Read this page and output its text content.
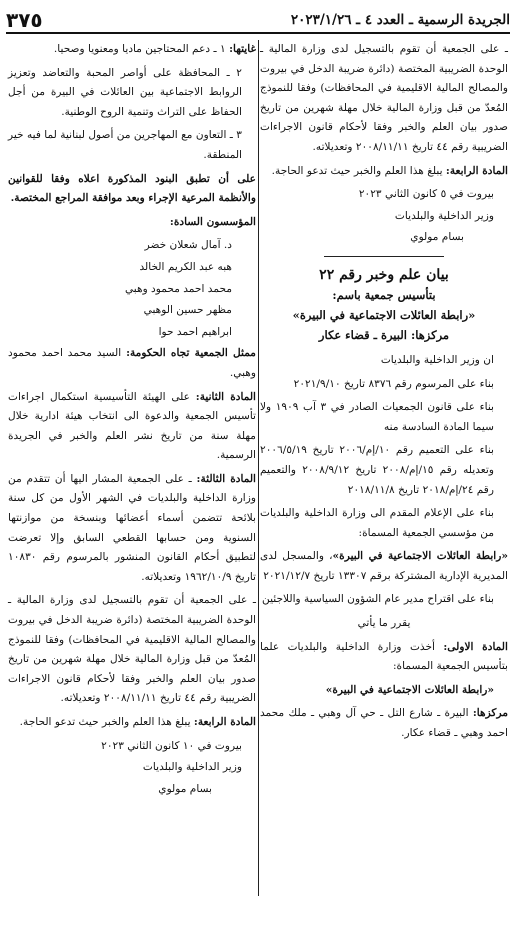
الجريدة الرسمية ـ العدد ٤ ـ ٢٠٢٣/١/٢٦
٣٧٥

ـ على الجمعية أن تقوم بالتسجيل لدى وزارة المالية ـ الوحدة الضريبية المختصة (دائرة ضريبة الدخل في بيروت والمصالح المالية الاقليمية في المحافظات) وفقا للنموذج المُعدّ من قبل وزارة المالية خلال مهلة شهرين من تاريخ صدور بيان العلم والخبر وفقا لأحكام قانون الاجراءات الضريبية رقم ٤٤ تاريخ ٢٠٠٨/١١/١١ وتعديلاته.

المادة الرابعة: يبلغ هذا العلم والخبر حيث تدعو الحاجة.

بيروت في ٥ كانون الثاني ٢٠٢٣

وزير الداخلية والبلديات

بسام مولوي

بيان علم وخبر رقم ٢٢

بتأسيس جمعية باسم:

«رابطة العائلات الاجتماعية في البيرة»

مركزها: البيرة ـ قضاء عكار

ان وزير الداخلية والبلديات

بناء على المرسوم رقم ٨٣٧٦ تاريخ ٢٠٢١/٩/١٠

بناء على قانون الجمعيات الصادر في ٣ آب ١٩٠٩ ولا سيما المادة السادسة منه

بناء على التعميم رقم ١٠/إم/٢٠٠٦ تاريخ ٢٠٠٦/٥/١٩ وتعديله رقم ١٥/إم/٢٠٠٨ تاريخ ٢٠٠٨/٩/١٢ والتعميم رقم ٢٤/إم/٢٠١٨ تاريخ ٢٠١٨/١١/٨

بناء على الإعلام المقدم الى وزارة الداخلية والبلديات من مؤسسي الجمعية المسماة:

«رابطة العائلات الاجتماعية في البيرة»، والمسجل لدى المديرية الإدارية المشتركة برقم ١٣٣٠٧ تاريخ ٢٠٢١/١٢/٧

بناء على اقتراح مدير عام الشؤون السياسية واللاجئين

يقرر ما يأتي

المادة الاولى: أخذت وزارة الداخلية والبلديات علما بتأسيس الجمعية المسماة:

«رابطة العائلات الاجتماعية في البيرة»

مركزها: البيرة ـ شارع التل ـ حي آل وهبي ـ ملك محمد احمد وهبي ـ قضاء عكار.

غايتها: ١ ـ دعم المحتاجين ماديا ومعنويا وصحيا.

٢ ـ المحافظة على أواصر المحبة والتعاضد وتعزيز الروابط الاجتماعية بين العائلات في البيرة من أجل الحفاظ على التراث وتنمية الروح الوطنية.

٣ ـ التعاون مع المهاجرين من أصول لبنانية لما فيه خير المنطقة.

على أن تطبق البنود المذكورة اعلاه وفقا للقوانين والأنظمة المرعية الإجراء وبعد موافقة المراجع المختصة.

المؤسسون السادة:

د. آمال شعلان خضر

هبه عبد الكريم الخالد

محمد احمد محمود وهبي

مظهر حسين الوهبي

ابراهيم احمد حوا

ممثل الجمعية تجاه الحكومة: السيد محمد احمد محمود وهبي.

المادة الثانية: على الهيئة التأسيسية استكمال اجراءات تأسيس الجمعية والدعوة الى انتخاب هيئة ادارية خلال مهلة سنة من تاريخ نشر العلم والخبر في الجريدة الرسمية.

المادة الثالثة: ـ على الجمعية المشار اليها أن تتقدم من وزارة الداخلية والبلديات في الشهر الأول من كل سنة بلائحة تتضمن أسماء أعضائها وبنسخة من موازنتها السنوية ومن حسابها القطعي السابق وإلا تعرضت لتطبيق أحكام القانون المنشور بالمرسوم رقم ١٠٨٣٠ تاريخ ١٩٦٢/١٠/٩ وتعديلاته.

ـ على الجمعية أن تقوم بالتسجيل لدى وزارة المالية ـ الوحدة الضريبية المختصة (دائرة ضريبة الدخل في بيروت والمصالح المالية الاقليمية في المحافظات) وفقا للنموذج المُعدّ من قبل وزارة المالية خلال مهلة شهرين من تاريخ صدور بيان العلم والخبر وفقا لأحكام قانون الاجراءات الضريبية رقم ٤٤ تاريخ ٢٠٠٨/١١/١١ وتعديلاته.

المادة الرابعة: يبلغ هذا العلم والخبر حيث تدعو الحاجة.

بيروت في ١٠ كانون الثاني ٢٠٢٣

وزير الداخلية والبلديات

بسام مولوي
